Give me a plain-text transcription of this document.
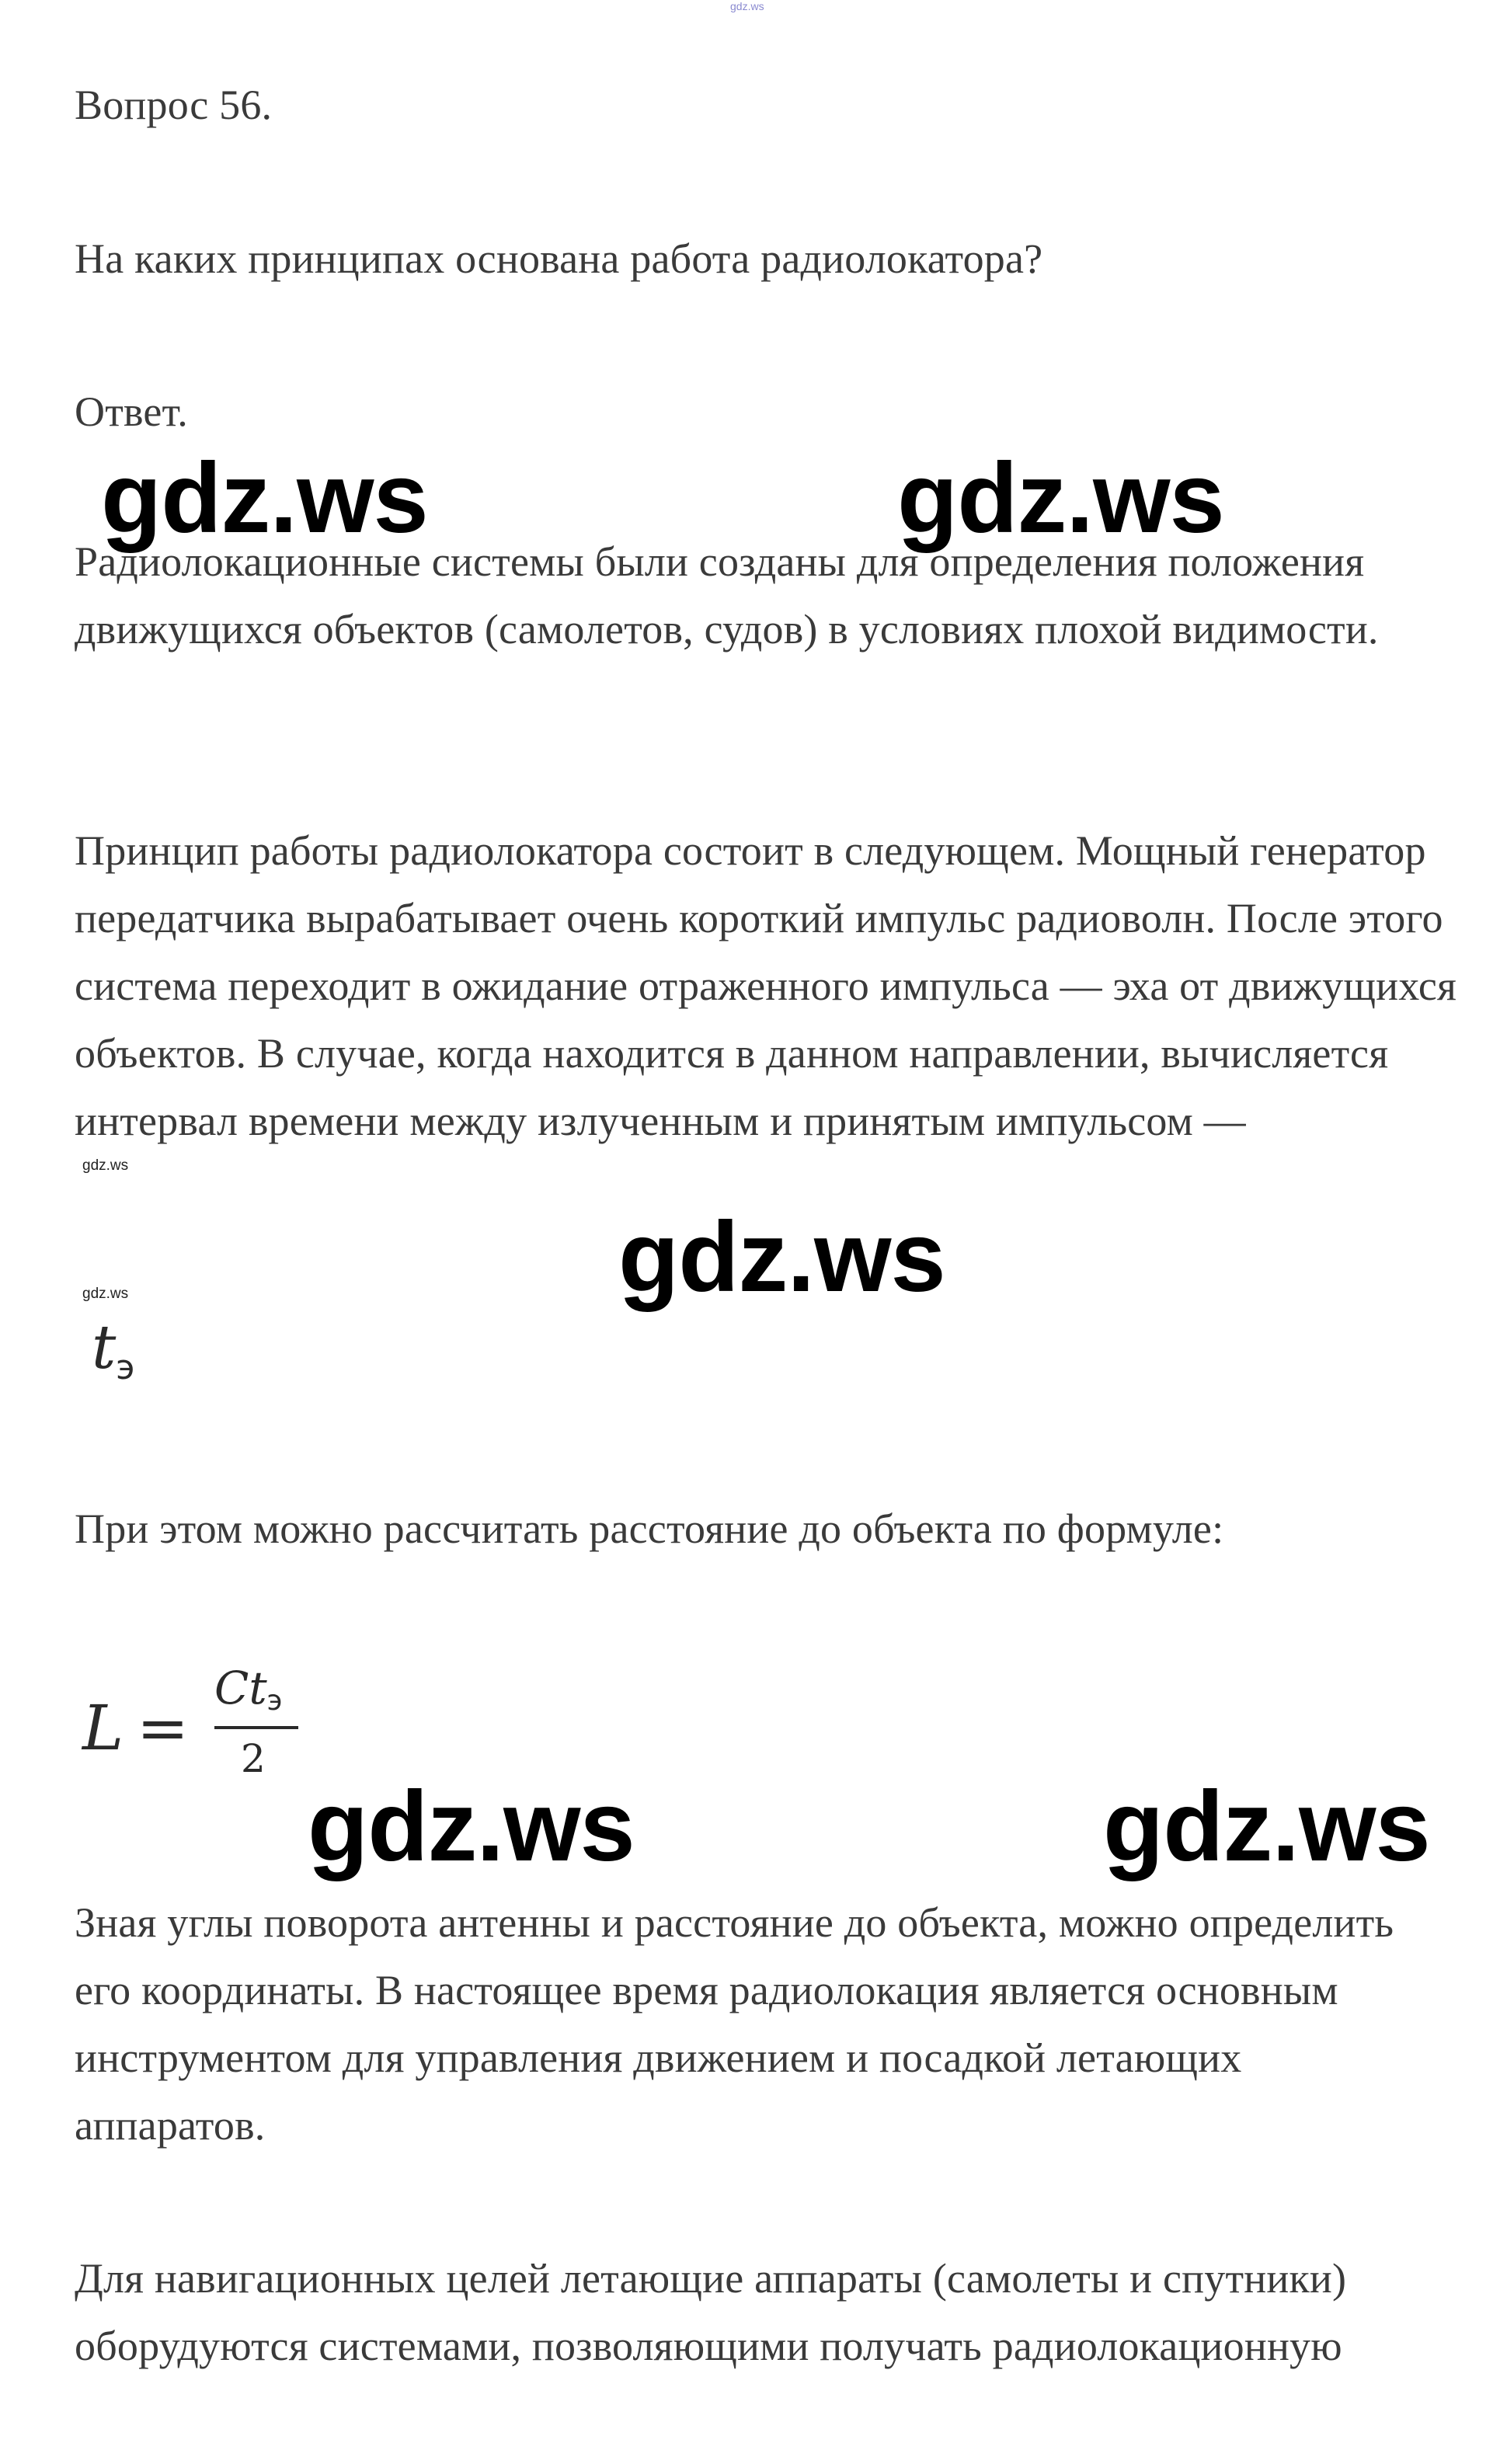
gdz.ws

Вопрос 56.

На каких принципах основана работа радиолокатора?

Ответ.

gdz.ws	gdz.ws

Радиолокационные системы были созданы для определения положения движущихся объектов (самолетов, судов) в условиях плохой видимости.

Принцип работы радиолокатора состоит в следующем. Мощный генератор передатчика вырабатывает очень короткий импульс радиоволн. После этого система переходит в ожидание отраженного импульса — эха от движущихся объектов. В случае, когда находится в данном направлении, вычисляется интервал времени между излученным и принятым импульсом —

gdz.ws
gdz.ws
gdz.ws
$t_э$

При этом можно рассчитать расстояние до объекта по формуле:

L =
$Ct_э$
2
gdz.ws	gdz.ws

Зная углы поворота антенны и расстояние до объекта, можно определить его координаты. В настоящее время радиолокация является основным инструментом для управления движением и посадкой летающих аппаратов.

Для навигационных целей летающие аппараты (самолеты и спутники) оборудуются системами, позволяющими получать радиолокационную
